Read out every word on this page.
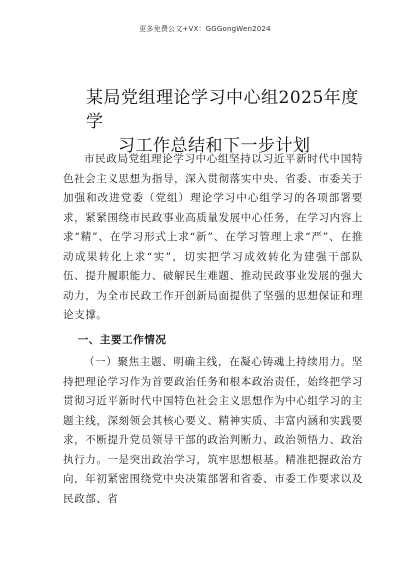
更多免费公文+VX：GGGongWen2024
某局党组理论学习中心组2025年度学
习工作总结和下一步计划

市民政局党组理论学习中心组坚持以习近平新时代中国特色社会主义思想为指导，深入贯彻落实中央、省委、市委关于加强和改进党委（党组）理论学习中心组学习的各项部署要求，紧紧围绕市民政事业高质量发展中心任务，在学习内容上求“精”、在学习形式上求“新”、在学习管理上求“严”、在推动成果转化上求“实”，切实把学习成效转化为建强干部队伍、提升履职能力、破解民生难题、推动民政事业发展的强大动力，为全市民政工作开创新局面提供了坚强的思想保证和理论支撑。

一、主要工作情况

（一）聚焦主题、明确主线，在凝心铸魂上持续用力。坚持把理论学习作为首要政治任务和根本政治责任，始终把学习贯彻习近平新时代中国特色社会主义思想作为中心组学习的主题主线，深刻领会其核心要义、精神实质、丰富内涵和实践要求，不断提升党员领导干部的政治判断力、政治领悟力、政治执行力。一是突出政治学习，筑牢思想根基。精准把握政治方向，年初紧密围绕党中央决策部署和省委、市委工作要求以及民政部、省
